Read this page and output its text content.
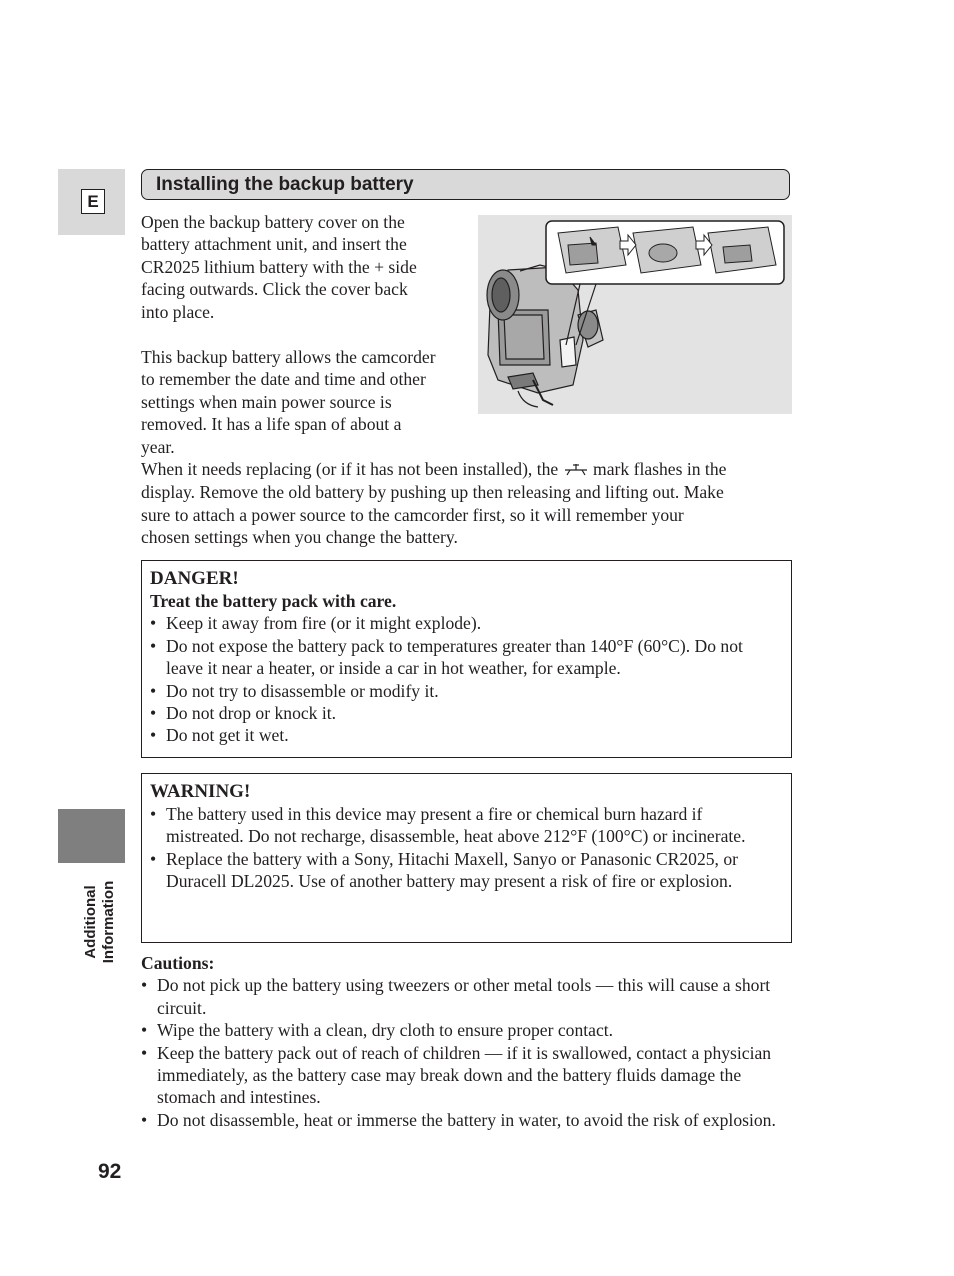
E
Additional Information
Installing the backup battery
Open the backup battery cover on the
battery attachment unit, and insert the
CR2025 lithium battery with the + side
facing outwards. Click the cover back
into place.
This backup battery allows the camcorder
to remember the date and time and other
settings when main power source is
removed. It has a life span of about a
year.
When it needs replacing (or if it has not been installed), the mark flashes in the
display. Remove the old battery by pushing up then releasing and lifting out. Make
sure to attach a power source to the camcorder first, so it will remember your
chosen settings when you change the battery.

DANGER!

Treat the battery pack with care.

• Keep it away from fire (or it might explode).
• Do not expose the battery pack to temperatures greater than 140°F (60°C). Do not leave it near a heater, or inside a car in hot weather, for example.
• Do not try to disassemble or modify it.
• Do not drop or knock it.
• Do not get it wet.

WARNING!

• The battery used in this device may present a fire or chemical burn hazard if mistreated. Do not recharge, disassemble, heat above 212°F (100°C) or incinerate.
• Replace the battery with a Sony, Hitachi Maxell, Sanyo or Panasonic CR2025, or Duracell DL2025. Use of another battery may present a risk of fire or explosion.

Cautions:

• Do not pick up the battery using tweezers or other metal tools — this will cause a short circuit.
• Wipe the battery with a clean, dry cloth to ensure proper contact.
• Keep the battery pack out of reach of children — if it is swallowed, contact a physician immediately, as the battery case may break down and the battery fluids damage the stomach and intestines.
• Do not disassemble, heat or immerse the battery in water, to avoid the risk of explosion.
92
